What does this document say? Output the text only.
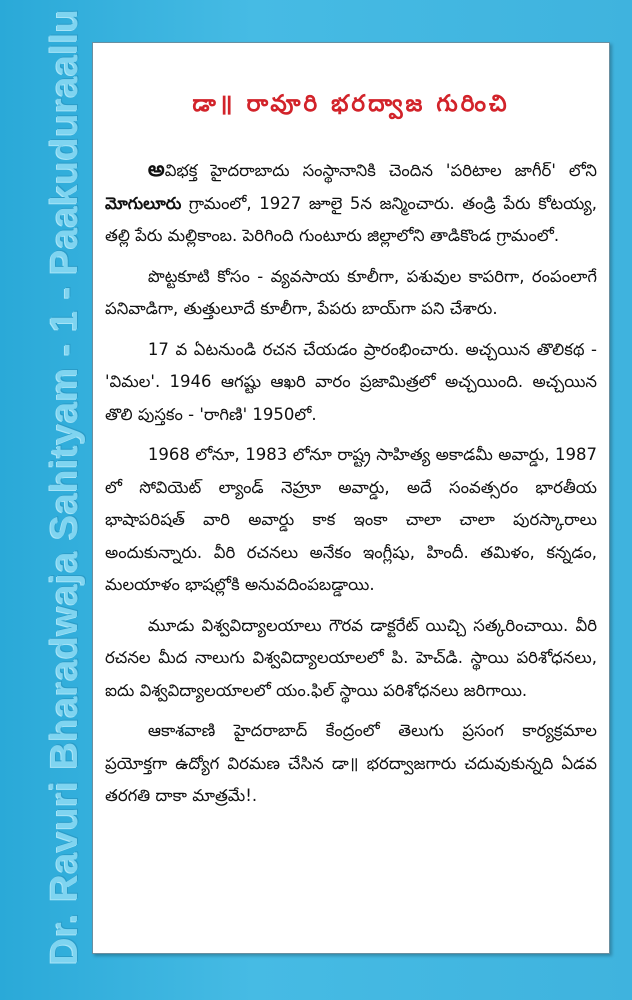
Dr. Ravuri Bharadwaja Sahityam - 1 - Paakuduraallu	డా॥ రావూరి భరద్వాజ గురించి

అవిభక్త హైదరాబాదు సంస్థానానికి చెందిన 'పరిటాల జాగీర్' లోని మోగులూరు గ్రామంలో, 1927 జూలై 5న జన్మించారు. తండ్రి పేరు కోటయ్య, తల్లి పేరు మల్లికాంబ. పెరిగింది గుంటూరు జిల్లాలోని తాడికొండ గ్రామంలో.

పొట్టకూటి కోసం - వ్యవసాయ కూలీగా, పశువుల కాపరిగా, రంపంలాగే పనివాడిగా, తుత్తులూదే కూలీగా, పేపరు బాయ్‌గా పని చేశారు.

17 వ ఏటనుండి రచన చేయడం ప్రారంభించారు. అచ్చయిన తొలికథ - 'విమల'. 1946 ఆగష్టు ఆఖరి వారం ప్రజామిత్రలో అచ్చయింది. అచ్చయిన తొలి పుస్తకం - 'రాగిణి' 1950లో.

1968 లోనూ, 1983 లోనూ రాష్ట్ర సాహిత్య అకాడమీ అవార్డు, 1987 లో సోవియెట్ ల్యాండ్ నెహ్రూ అవార్డు, అదే సంవత్సరం భారతీయ భాషాపరిషత్ వారి అవార్డు కాక ఇంకా చాలా చాలా పురస్కారాలు అందుకున్నారు. వీరి రచనలు అనేకం ఇంగ్లీషు, హిందీ. తమిళం, కన్నడం, మలయాళం భాషల్లోకి అనువదింపబడ్డాయి.

మూడు విశ్వవిద్యాలయాలు గౌరవ డాక్టరేట్ యిచ్చి సత్కరించాయి. వీరి రచనల మీద నాలుగు విశ్వవిద్యాలయాలలో పి. హెచ్‌డి. స్థాయి పరిశోధనలు, ఐదు విశ్వవిద్యాలయాలలో యం.ఫిల్ స్థాయి పరిశోధనలు జరిగాయి.

ఆకాశవాణి హైదరాబాద్ కేంద్రంలో తెలుగు ప్రసంగ కార్యక్రమాల ప్రయోక్తగా ఉద్యోగ విరమణ చేసిన డా॥ భరద్వాజగారు చదువుకున్నది ఏడవ తరగతి దాకా మాత్రమే!.
